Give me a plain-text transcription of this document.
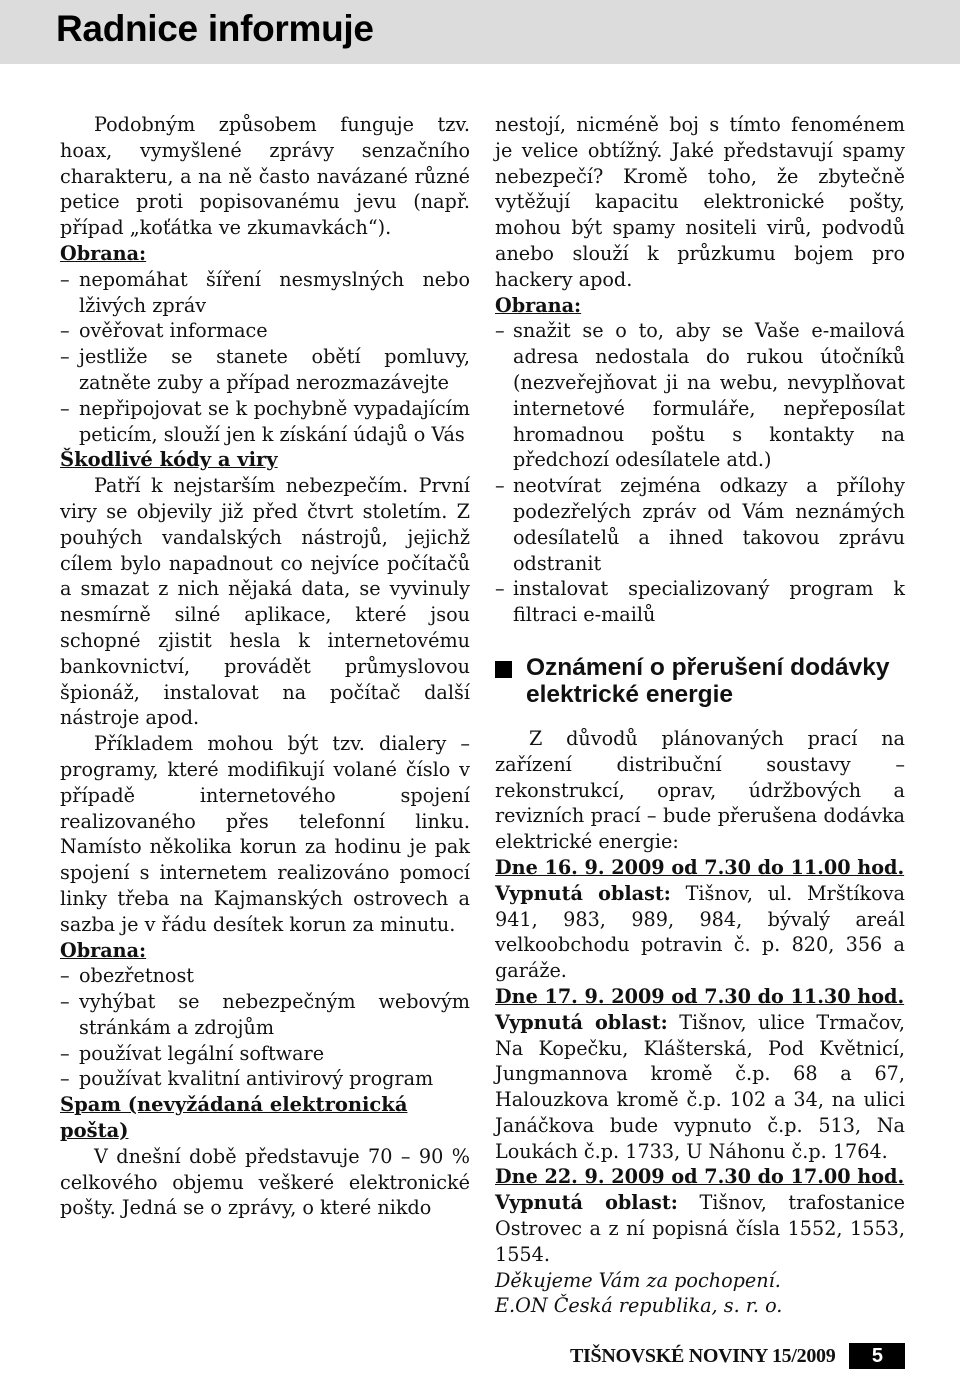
Radnice informuje

Podobným způsobem funguje tzv. hoax, vymyšlené zprávy senzačního charakteru, a na ně často navázané různé petice proti popisovanému jevu (např. případ „koťátka ve zkumavkách“).

Obrana:
– nepomáhat šíření nesmyslných nebo lživých zpráv
– ověřovat informace
– jestliže se stanete obětí pomluvy, zatněte zuby a případ nerozmazávejte
– nepřipojovat se k pochybně vypadajícím peticím, slouží jen k získání údajů o Vás
Škodlivé kódy a viry

Patří k nejstarším nebezpečím. První viry se objevily již před čtvrt stoletím. Z pouhých vandalských nástrojů, jejichž cílem bylo napadnout co nejvíce počítačů a smazat z nich nějaká data, se vyvinuly nesmírně silné aplikace, které jsou schopné zjistit hesla k internetovému bankovnictví, provádět průmyslovou špionáž, instalovat na počítač další nástroje apod.

Příkladem mohou být tzv. dialery – programy, které modifikují volané číslo v případě internetového spojení realizovaného přes telefonní linku. Namísto několika korun za hodinu je pak spojení s internetem realizováno pomocí linky třeba na Kajmanských ostrovech a sazba je v řádu desítek korun za minutu.

Obrana:
– obezřetnost
– vyhýbat se nebezpečným webovým stránkám a zdrojům
– používat legální software
– používat kvalitní antivirový program
Spam (nevyžádaná elektronická pošta)

V dnešní době představuje 70 – 90 % celkového objemu veškeré elektronické pošty. Jedná se o zprávy, o které nikdo

nestojí, nicméně boj s tímto fenoménem je velice obtížný. Jaké představují spamy nebezpečí? Kromě toho, že zbytečně vytěžují kapacitu elektronické pošty, mohou být spamy nositeli virů, podvodů anebo slouží k průzkumu bojem pro hackery apod.

Obrana:
– snažit se o to, aby se Vaše e-mailová adresa nedostala do rukou útočníků (nezveřejňovat ji na webu, nevyplňovat internetové formuláře, nepřeposílat hromadnou poštu s kontakty na předchozí odesílatele atd.)
– neotvírat zejména odkazy a přílohy podezřelých zpráv od Vám neznámých odesílatelů a ihned takovou zprávu odstranit
– instalovat specializovaný program k filtraci e-mailů
Oznámení o přerušení dodávky elektrické energie

Z důvodů plánovaných prací na zařízení distribuční soustavy – rekonstrukcí, oprav, údržbových a revizních prací – bude přerušena dodávka elektrické energie:

Dne 16. 9. 2009 od 7.30 do 11.00 hod.

Vypnutá oblast: Tišnov, ul. Mrštíkova 941, 983, 989, 984, bývalý areál velkoobchodu potravin č. p. 820, 356 a garáže.

Dne 17. 9. 2009 od 7.30 do 11.30 hod.

Vypnutá oblast: Tišnov, ulice Trmačov, Na Kopečku, Klášterská, Pod Květnicí, Jungmannova kromě č.p. 68 a 67, Halouzkova kromě č.p. 102 a 34, na ulici Janáčkova bude vypnuto č.p. 513, Na Loukách č.p. 1733, U Náhonu č.p. 1764.

Dne 22. 9. 2009 od 7.30 do 17.00 hod.

Vypnutá oblast: Tišnov, trafostanice Ostrovec a z ní popisná čísla 1552, 1553, 1554.

Děkujeme Vám za pochopení.

E.ON Česká republika, s. r. o.

TIŠNOVSKÉ NOVINY 15/2009	5
